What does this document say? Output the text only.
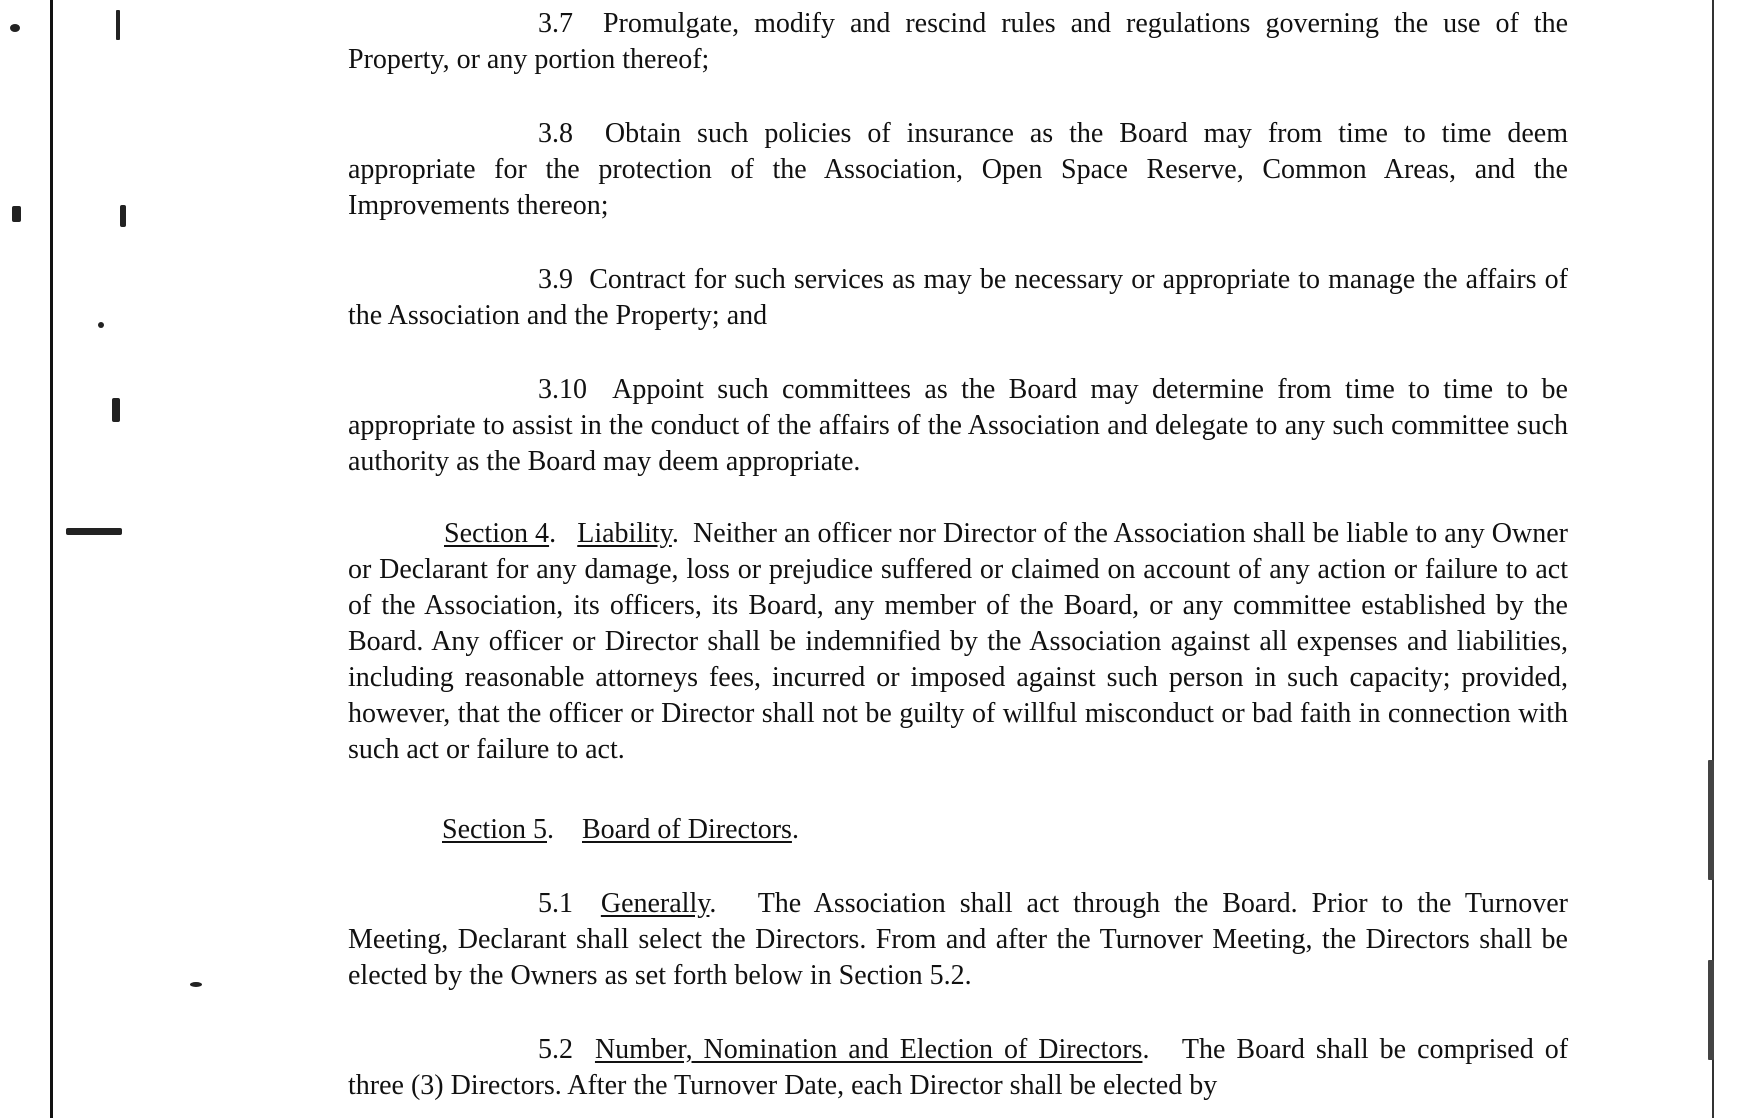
3.7 Promulgate, modify and rescind rules and regulations governing the use of the Property, or any portion thereof;

3.8 Obtain such policies of insurance as the Board may from time to time deem appropriate for the protection of the Association, Open Space Reserve, Common Areas, and the Improvements thereon;

3.9 Contract for such services as may be necessary or appropriate to manage the affairs of the Association and the Property; and

3.10 Appoint such committees as the Board may determine from time to time to be appropriate to assist in the conduct of the affairs of the Association and delegate to any such committee such authority as the Board may deem appropriate.

Section 4.   Liability.  Neither an officer nor Director of the Association shall be liable to any Owner or Declarant for any damage, loss or prejudice suffered or claimed on account of any action or failure to act of the Association, its officers, its Board, any member of the Board, or any committee established by the Board. Any officer or Director shall be indemnified by the Association against all expenses and liabilities, including reasonable attorneys fees, incurred or imposed against such person in such capacity; provided, however, that the officer or Director shall not be guilty of willful misconduct or bad faith in connection with such act or failure to act.

Section 5.    Board of Directors.

5.1 Generally.   The Association shall act through the Board. Prior to the Turnover Meeting, Declarant shall select the Directors. From and after the Turnover Meeting, the Directors shall be elected by the Owners as set forth below in Section 5.2.

5.2 Number, Nomination and Election of Directors.   The Board shall be comprised of three (3) Directors. After the Turnover Date, each Director shall be elected by
